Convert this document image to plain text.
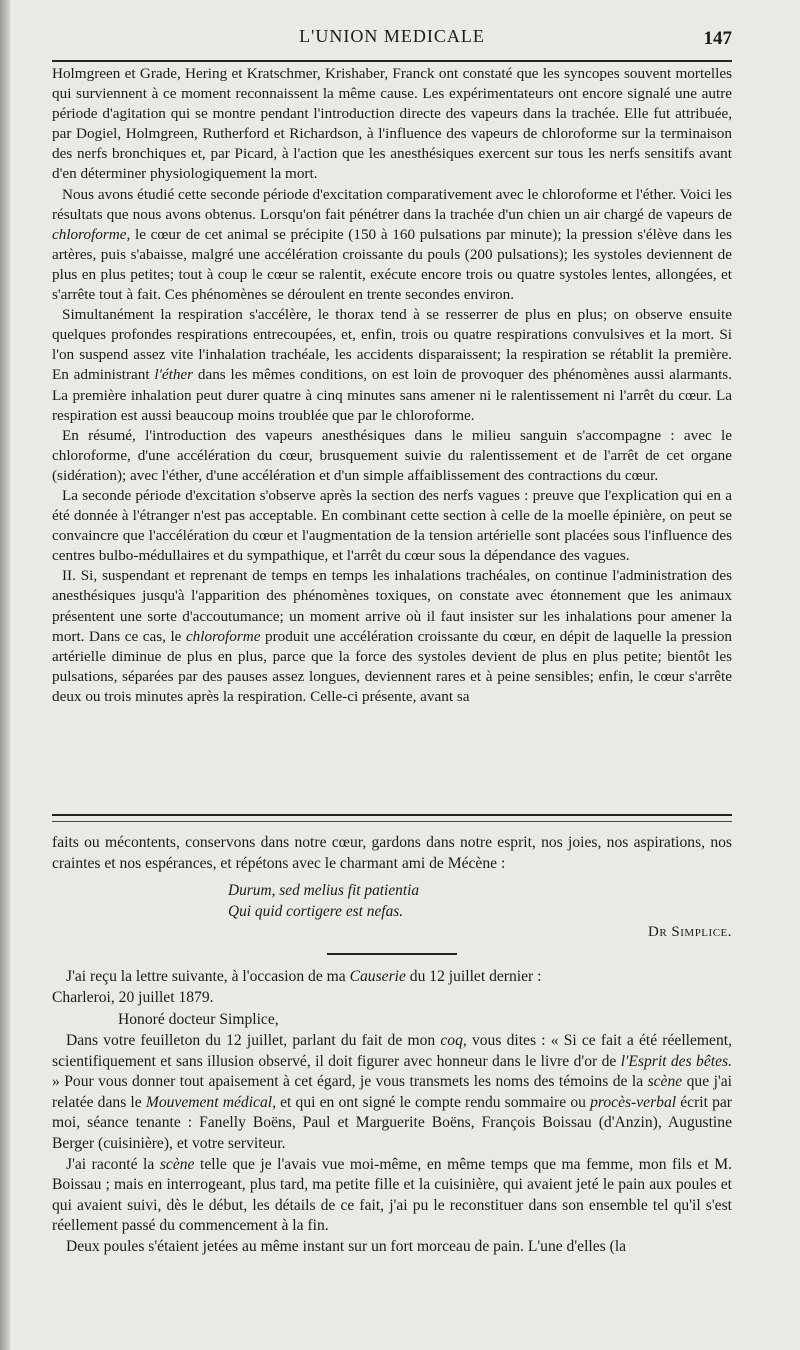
L'UNION MEDICALE	147

Holmgreen et Grade, Hering et Kratschmer, Krishaber, Franck ont constaté que les syncopes souvent mortelles qui surviennent à ce moment reconnaissent la même cause. Les expérimentateurs ont encore signalé une autre période d'agitation qui se montre pendant l'introduction directe des vapeurs dans la trachée. Elle fut attribuée, par Dogiel, Holmgreen, Rutherford et Richardson, à l'influence des vapeurs de chloroforme sur la terminaison des nerfs bronchiques et, par Picard, à l'action que les anesthésiques exercent sur tous les nerfs sensitifs avant d'en déterminer physiologiquement la mort.

Nous avons étudié cette seconde période d'excitation comparativement avec le chloroforme et l'éther. Voici les résultats que nous avons obtenus. Lorsqu'on fait pénétrer dans la trachée d'un chien un air chargé de vapeurs de chloroforme, le cœur de cet animal se précipite (150 à 160 pulsations par minute); la pression s'élève dans les artères, puis s'abaisse, malgré une accélération croissante du pouls (200 pulsations); les systoles deviennent de plus en plus petites; tout à coup le cœur se ralentit, exécute encore trois ou quatre systoles lentes, allongées, et s'arrête tout à fait. Ces phénomènes se déroulent en trente secondes environ.

Simultanément la respiration s'accélère, le thorax tend à se resserrer de plus en plus; on observe ensuite quelques profondes respirations entrecoupées, et, enfin, trois ou quatre respirations convulsives et la mort. Si l'on suspend assez vite l'inhalation trachéale, les accidents disparaissent; la respiration se rétablit la première. En administrant l'éther dans les mêmes conditions, on est loin de provoquer des phénomènes aussi alarmants. La première inhalation peut durer quatre à cinq minutes sans amener ni le ralentissement ni l'arrêt du cœur. La respiration est aussi beaucoup moins troublée que par le chloroforme.

En résumé, l'introduction des vapeurs anesthésiques dans le milieu sanguin s'accompagne : avec le chloroforme, d'une accélération du cœur, brusquement suivie du ralentissement et de l'arrêt de cet organe (sidération); avec l'éther, d'une accélération et d'un simple affaiblissement des contractions du cœur.

La seconde période d'excitation s'observe après la section des nerfs vagues : preuve que l'explication qui en a été donnée à l'étranger n'est pas acceptable. En combinant cette section à celle de la moelle épinière, on peut se convaincre que l'accélération du cœur et l'augmentation de la tension artérielle sont placées sous l'influence des centres bulbo-médullaires et du sympathique, et l'arrêt du cœur sous la dépendance des vagues.

II. Si, suspendant et reprenant de temps en temps les inhalations trachéales, on continue l'administration des anesthésiques jusqu'à l'apparition des phénomènes toxiques, on constate avec étonnement que les animaux présentent une sorte d'accoutumance; un moment arrive où il faut insister sur les inhalations pour amener la mort. Dans ce cas, le chloroforme produit une accélération croissante du cœur, en dépit de laquelle la pression artérielle diminue de plus en plus, parce que la force des systoles devient de plus en plus petite; bientôt les pulsations, séparées par des pauses assez longues, deviennent rares et à peine sensibles; enfin, le cœur s'arrête deux ou trois minutes après la respiration. Celle-ci présente, avant sa

faits ou mécontents, conservons dans notre cœur, gardons dans notre esprit, nos joies, nos aspirations, nos craintes et nos espérances, et répétons avec le charmant ami de Mécène :

Durum, sed melius fit patientia
Qui quid cortigere est nefas.
Dr Simplice.

J'ai reçu la lettre suivante, à l'occasion de ma Causerie du 12 juillet dernier :

Charleroi, 20 juillet 1879.

Honoré docteur Simplice,

Dans votre feuilleton du 12 juillet, parlant du fait de mon coq, vous dites : « Si ce fait a été réellement, scientifiquement et sans illusion observé, il doit figurer avec honneur dans le livre d'or de l'Esprit des bêtes. » Pour vous donner tout apaisement à cet égard, je vous transmets les noms des témoins de la scène que j'ai relatée dans le Mouvement médical, et qui en ont signé le compte rendu sommaire ou procès-verbal écrit par moi, séance tenante : Fanelly Boëns, Paul et Marguerite Boëns, François Boissau (d'Anzin), Augustine Berger (cuisinière), et votre serviteur.

J'ai raconté la scène telle que je l'avais vue moi-même, en même temps que ma femme, mon fils et M. Boissau ; mais en interrogeant, plus tard, ma petite fille et la cuisinière, qui avaient jeté le pain aux poules et qui avaient suivi, dès le début, les détails de ce fait, j'ai pu le reconstituer dans son ensemble tel qu'il s'est réellement passé du commencement à la fin.

Deux poules s'étaient jetées au même instant sur un fort morceau de pain. L'une d'elles (la
